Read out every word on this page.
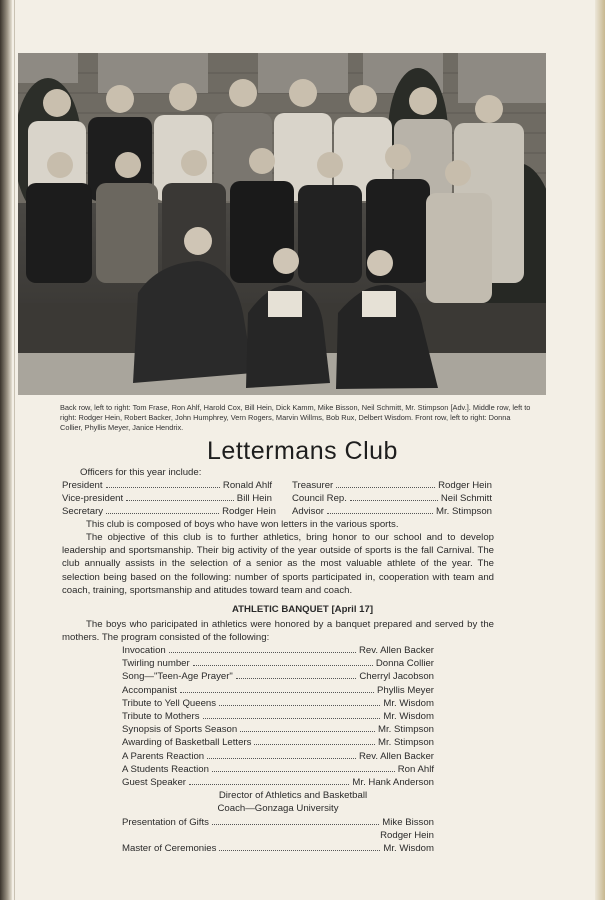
Back row, left to right: Tom Frase, Ron Ahlf, Harold Cox, Bill Hein, Dick Kamm, Mike Bisson, Neil Schmitt, Mr. Stimpson [Adv.]. Middle row, left to right: Rodger Hein, Robert Backer, John Humphrey, Vern Rogers, Marvin Willms, Bob Rux, Delbert Wisdom. Front row, left to right: Donna Collier, Phyllis Meyer, Janice Hendrix.
Lettermans Club
Officers for this year include:
President	Ronald Ahlf
Vice-president	Bill Hein
Secretary	Rodger Hein
Treasurer	Rodger Hein
Council Rep.	Neil Schmitt
Advisor	Mr. Stimpson
This club is composed of boys who have won letters in the various sports.
The objective of this club is to further athletics, bring honor to our school and to develop leadership and sportsmanship. Their big activity of the year outside of sports is the fall Carnival. The club annually assists in the selection of a senior as the most valuable athlete of the year. The selection being based on the following: number of sports participated in, cooperation with team and coach, training, sportsmanship and atitudes toward team and coach.
ATHLETIC BANQUET [April 17]
The boys who paricipated in athletics were honored by a banquet prepared and served by the mothers. The program consisted of the following:
Invocation	Rev. Allen Backer
Twirling number	Donna Collier
Song—"Teen-Age Prayer"	Cherryl Jacobson
Accompanist	Phyllis Meyer
Tribute to Yell Queens	Mr. Wisdom
Tribute to Mothers	Mr. Wisdom
Synopsis of Sports Season	Mr. Stimpson
Awarding of Basketball Letters	Mr. Stimpson
A Parents Reaction	Rev. Allen Backer
A Students Reaction	Ron Ahlf
Guest Speaker	Mr. Hank Anderson
Director of Athletics and Basketball
Coach—Gonzaga University
Presentation of Gifts	Mike Bisson
Rodger Hein
Master of Ceremonies	Mr. Wisdom
